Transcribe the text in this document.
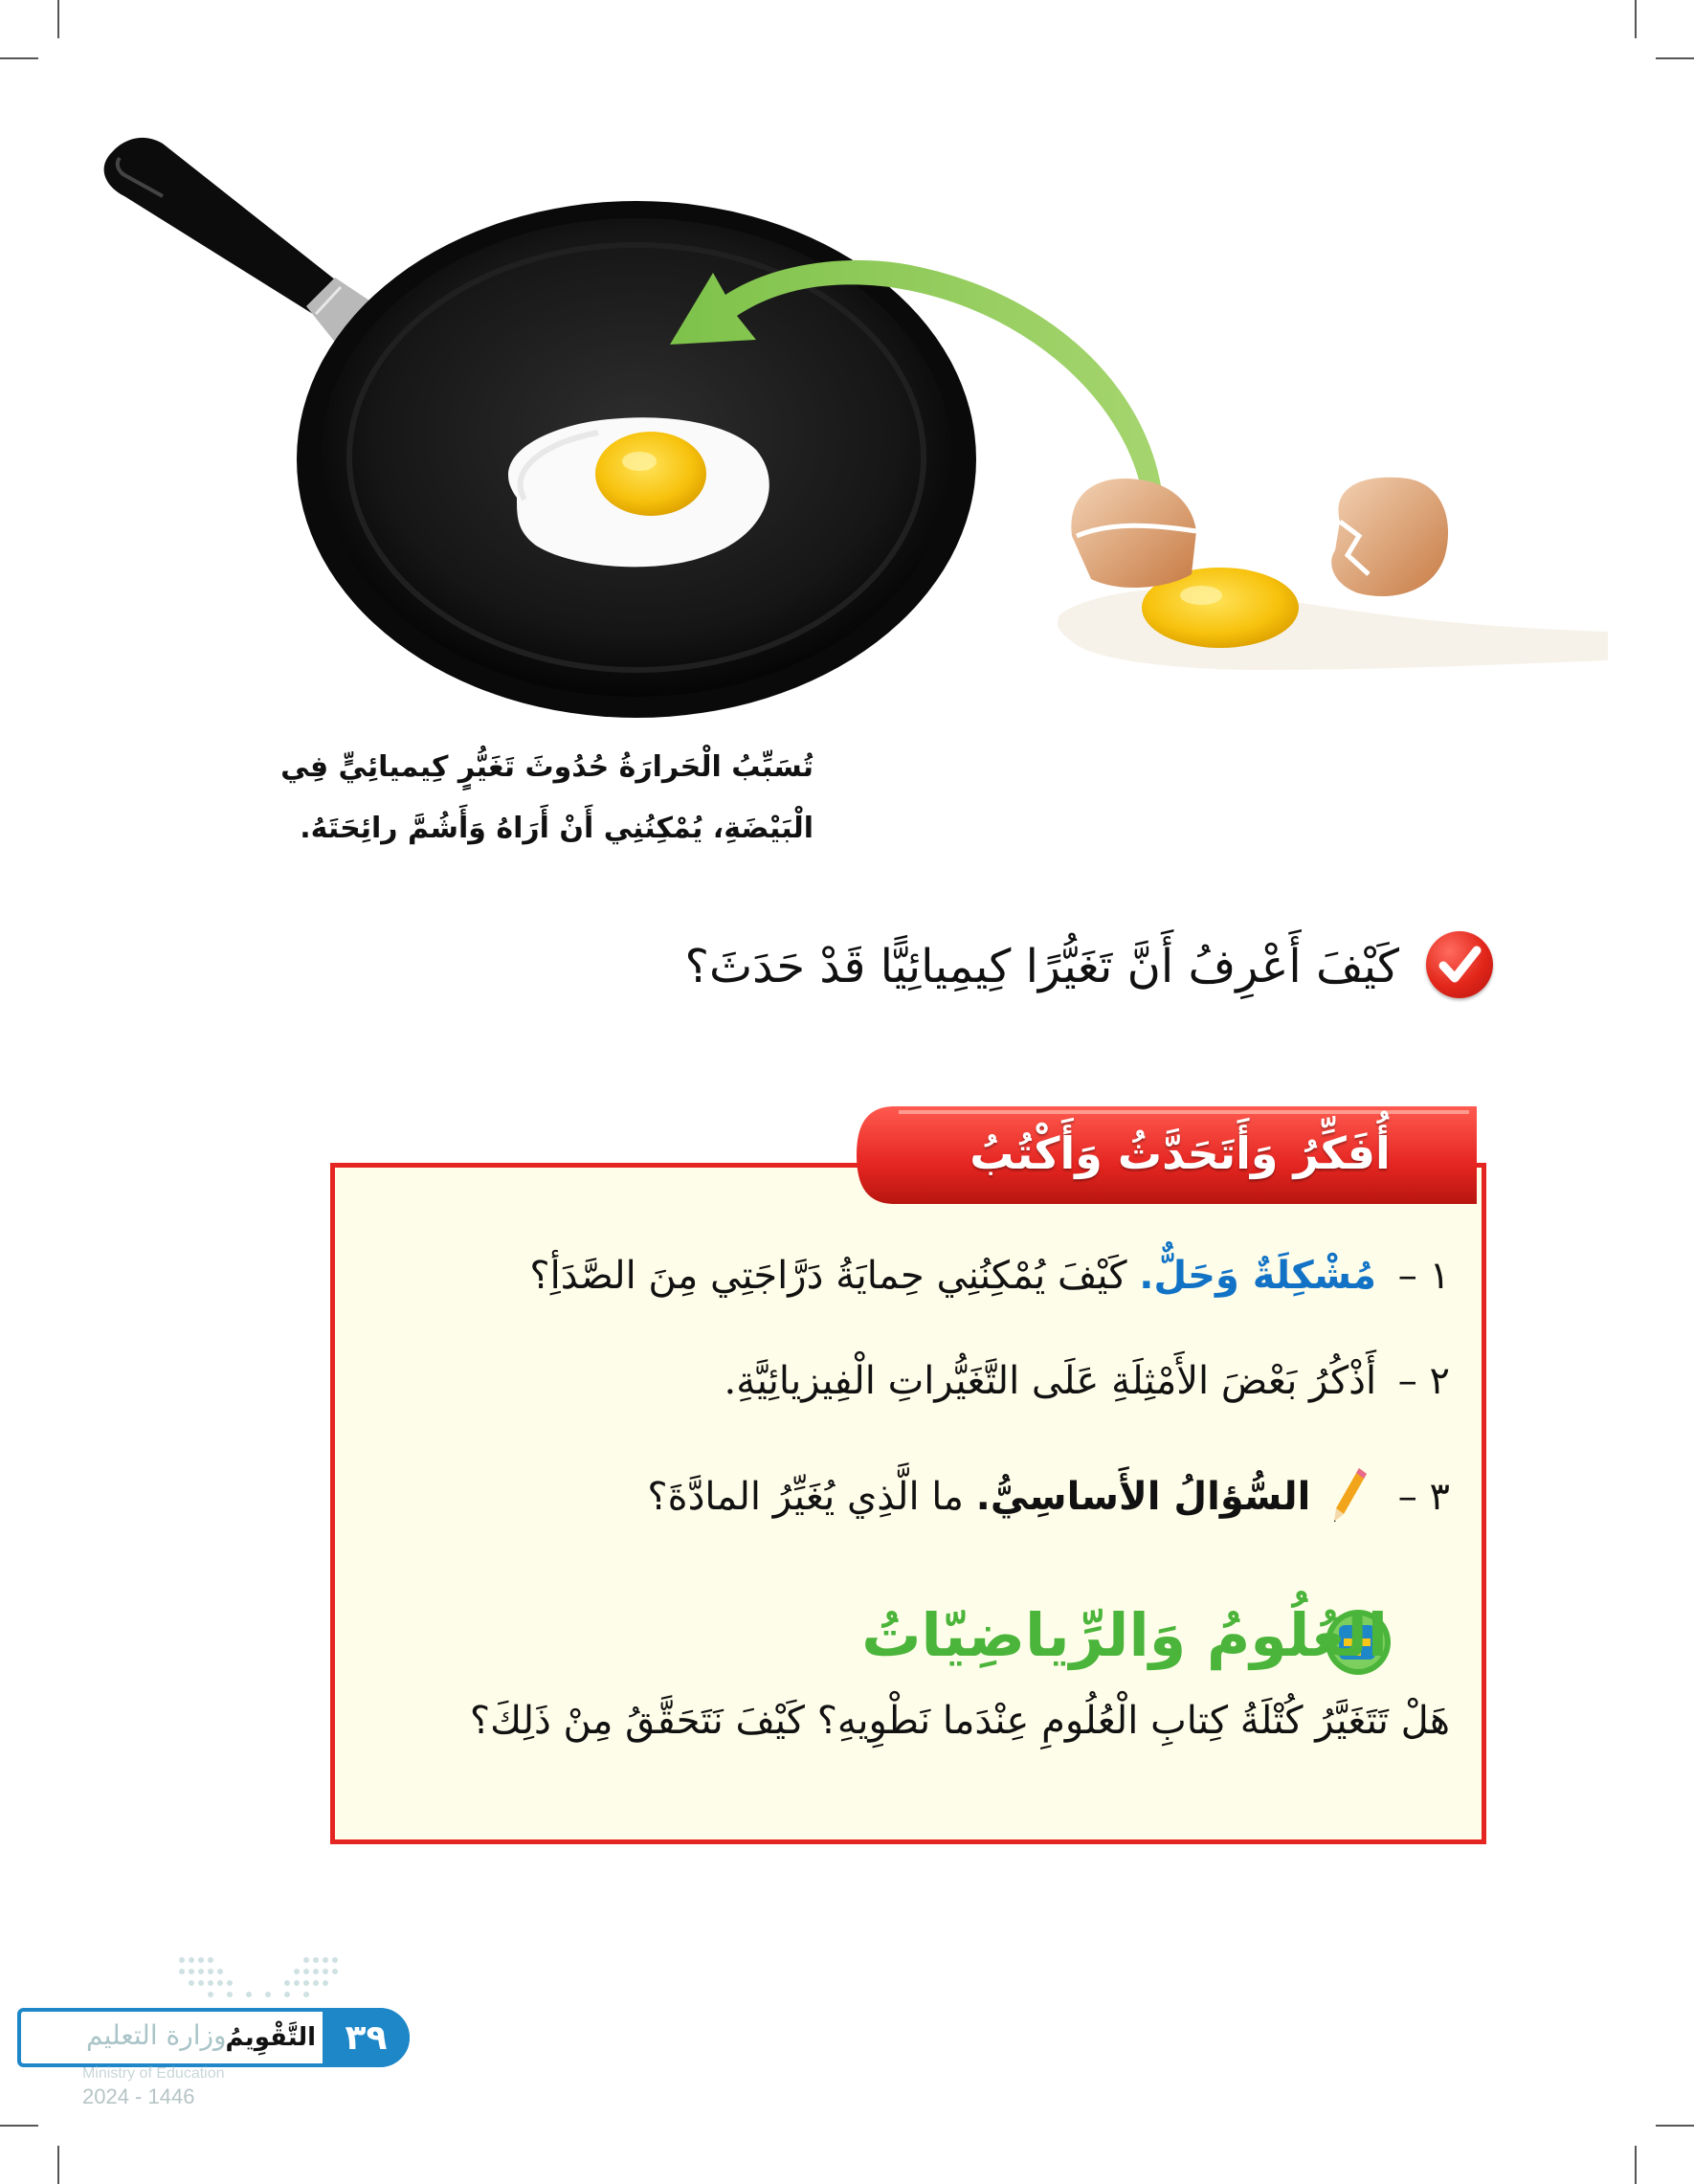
تُسَبِّبُ الْحَرارَةُ حُدُوثَ تَغَيُّرٍ كِيميائِيٍّ فِي
الْبَيْضَةِ، يُمْكِنُنِي أَنْ أَرَاهُ وَأَشُمَّ رائِحَتَهُ.
كَيْفَ أَعْرِفُ أَنَّ تَغَيُّرًا كِيمِيائِيًّا قَدْ حَدَثَ؟
أُفَكِّرُ وَأَتَحَدَّثُ وَأَكْتُبُ
١ – مُشْكِلَةٌ وَحَلٌّ. كَيْفَ يُمْكِنُنِي حِمايَةُ دَرَّاجَتِي مِنَ الصَّدَأِ؟
٢ – أَذْكُرُ بَعْضَ الأَمْثِلَةِ عَلَى التَّغَيُّراتِ الْفِيزيائِيَّةِ.
٣ –  السُّؤالُ الأَساسِيُّ. ما الَّذِي يُغَيِّرُ المادَّةَ؟
العُلُومُ وَالرِّياضِيّاتُ
هَلْ تَتَغَيَّرُ كُتْلَةُ كِتابِ الْعُلُومِ عِنْدَما نَطْوِيهِ؟ كَيْفَ نَتَحَقَّقُ مِنْ ذَلِكَ؟
وزارة التعليم التَّقْوِيمُ ٣٩
Ministry of Education
2024 - 1446
